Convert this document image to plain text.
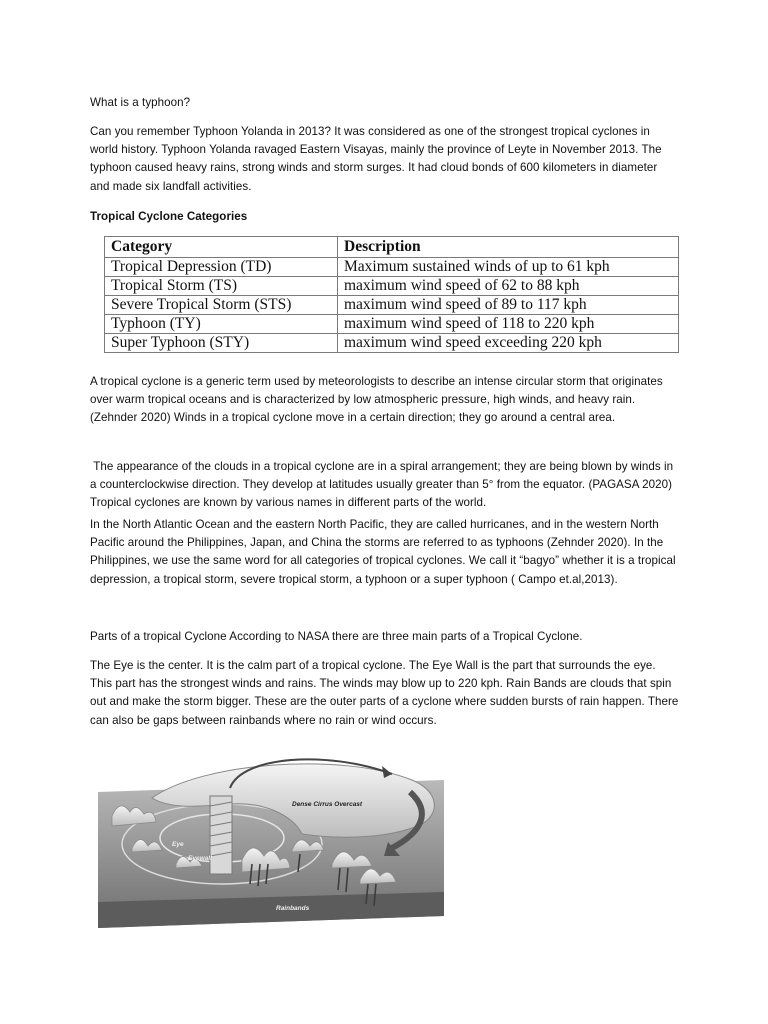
What is a typhoon?

Can you remember Typhoon Yolanda in 2013? It was considered as one of the strongest tropical cyclones in world history. Typhoon Yolanda ravaged Eastern Visayas, mainly the province of Leyte in November 2013. The typhoon caused heavy rains, strong winds and storm surges. It had cloud bonds of 600 kilometers in diameter and made six landfall activities.

Tropical Cyclone Categories

Category	Description
Tropical Depression (TD)	Maximum sustained winds of up to 61 kph
Tropical Storm (TS)	maximum wind speed of 62 to 88 kph
Severe Tropical Storm (STS)	maximum wind speed of 89 to 117 kph
Typhoon (TY)	maximum wind speed of 118 to 220 kph
Super Typhoon (STY)	maximum wind speed exceeding 220 kph

A tropical cyclone is a generic term used by meteorologists to describe an intense circular storm that originates over warm tropical oceans and is characterized by low atmospheric pressure, high winds, and heavy rain. (Zehnder 2020) Winds in a tropical cyclone move in a certain direction; they go around a central area.

The appearance of the clouds in a tropical cyclone are in a spiral arrangement; they are being blown by winds in a counterclockwise direction. They develop at latitudes usually greater than 5° from the equator. (PAGASA 2020) Tropical cyclones are known by various names in different parts of the world.

In the North Atlantic Ocean and the eastern North Pacific, they are called hurricanes, and in the western North Pacific around the Philippines, Japan, and China the storms are referred to as typhoons (Zehnder 2020). In the Philippines, we use the same word for all categories of tropical cyclones. We call it “bagyo” whether it is a tropical depression, a tropical storm, severe tropical storm, a typhoon or a super typhoon ( Campo et.al,2013).

Parts of a tropical Cyclone According to NASA there are three main parts of a Tropical Cyclone.

The Eye is the center. It is the calm part of a tropical cyclone. The Eye Wall is the part that surrounds the eye. This part has the strongest winds and rains. The winds may blow up to 220 kph. Rain Bands are clouds that spin out and make the storm bigger. These are the outer parts of a cyclone where sudden bursts of rain happen. There can also be gaps between rainbands where no rain or wind occurs.

Dense Cirrus Overcast
Eye
Eyewall
Rainbands
